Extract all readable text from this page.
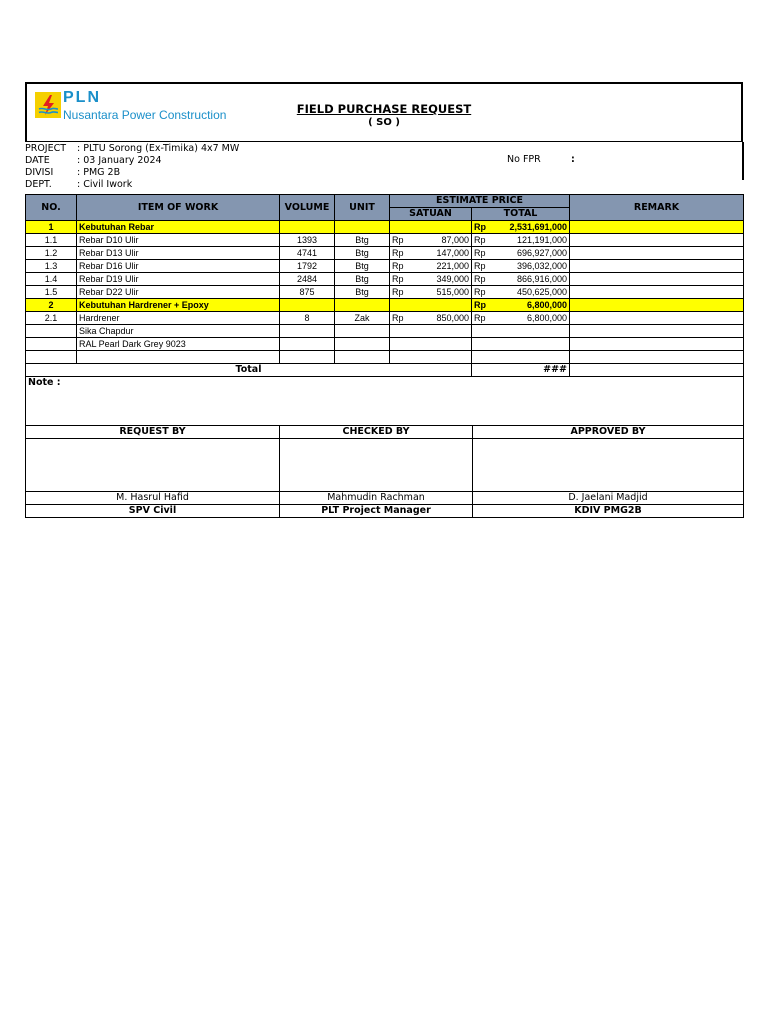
PLN
Nusantara Power Construction	FIELD PURCHASE REQUEST
( SO )
PROJECT : PLTU Sorong (Ex-Timika) 4x7 MW
DATE	: 03 January 2024
DIVISI	: PMG 2B
DEPT.	: Civil Iwork
No FPR	:
NO.	ITEM OF WORK	VOLUME	UNIT	ESTIMATE PRICE				REMARK
				SATUAN		TOTAL		
1	Kebutuhan Rebar					Rp	2,531,691,000	
1.1	Rebar D10 Ulir	1393	Btg	Rp	87,000	Rp	121,191,000	
1.2	Rebar D13 Ulir	4741	Btg	Rp	147,000	Rp	696,927,000	
1.3	Rebar D16 Ulir	1792	Btg	Rp	221,000	Rp	396,032,000	
1.4	Rebar D19 Ulir	2484	Btg	Rp	349,000	Rp	866,916,000	
1.5	Rebar D22 Ulir	875	Btg	Rp	515,000	Rp	450,625,000	
2	Kebutuhan Hardrener + Epoxy					Rp	6,800,000	
2.1	Hardrener	8	Zak	Rp	850,000	Rp	6,800,000	
	Sika Chapdur							
	RAL Pearl Dark Grey 9023							

Total						###		
Note :								
REQUEST BY	CHECKED BY	APPROVED BY

M. Hasrul Hafid	Mahmudin Rachman	D. Jaelani Madjid
SPV Civil	PLT Project Manager	KDIV PMG2B
